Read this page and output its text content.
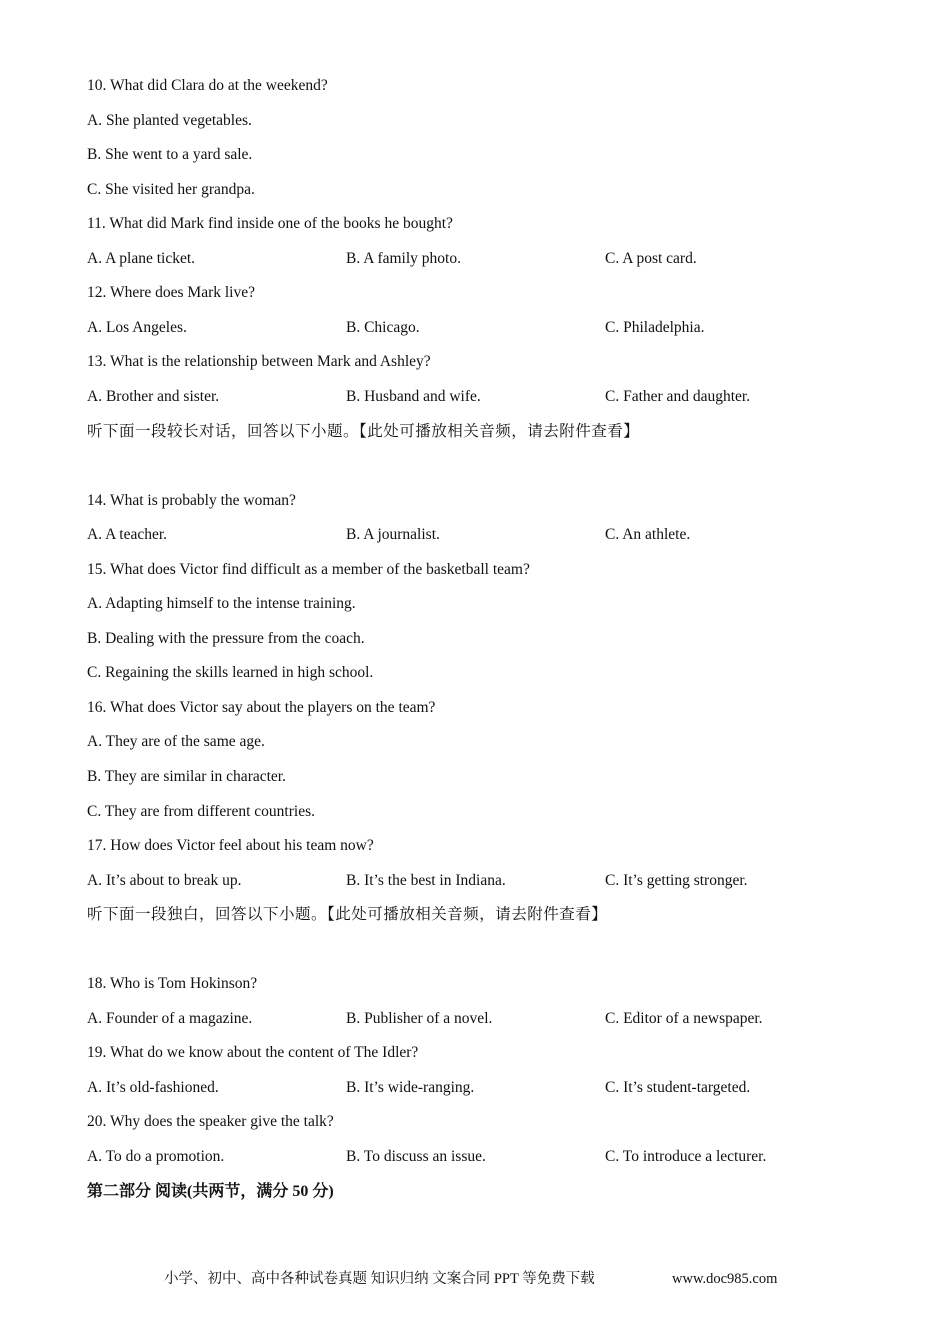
10. What did Clara do at the weekend?
A. She planted vegetables.
B. She went to a yard sale.
C. She visited her grandpa.
11. What did Mark find inside one of the books he bought?
A. A plane ticket.	B. A family photo.	C. A post card.
12. Where does Mark live?
A. Los Angeles.	B. Chicago.	C. Philadelphia.
13. What is the relationship between Mark and Ashley?
A. Brother and sister.	B. Husband and wife.	C. Father and daughter.
听下面一段较长对话，回答以下小题。【此处可播放相关音频，请去附件查看】
14. What is probably the woman?
A. A teacher.	B. A journalist.	C. An athlete.
15. What does Victor find difficult as a member of the basketball team?
A. Adapting himself to the intense training.
B. Dealing with the pressure from the coach.
C. Regaining the skills learned in high school.
16. What does Victor say about the players on the team?
A. They are of the same age.
B. They are similar in character.
C. They are from different countries.
17. How does Victor feel about his team now?
A. It’s about to break up.	B. It’s the best in Indiana.	C. It’s getting stronger.
听下面一段独白，回答以下小题。【此处可播放相关音频，请去附件查看】
18. Who is Tom Hokinson?
A. Founder of a magazine.	B. Publisher of a novel.	C. Editor of a newspaper.
19. What do we know about the content of The Idler?
A. It’s old-fashioned.	B. It’s wide-ranging.	C. It’s student-targeted.
20. Why does the speaker give the talk?
A. To do a promotion.	B. To discuss an issue.	C. To introduce a lecturer.
第二部分 阅读(共两节，满分 50 分)
小学、初中、高中各种试卷真题 知识归纳 文案合同 PPT 等免费下载	www.doc985.com
